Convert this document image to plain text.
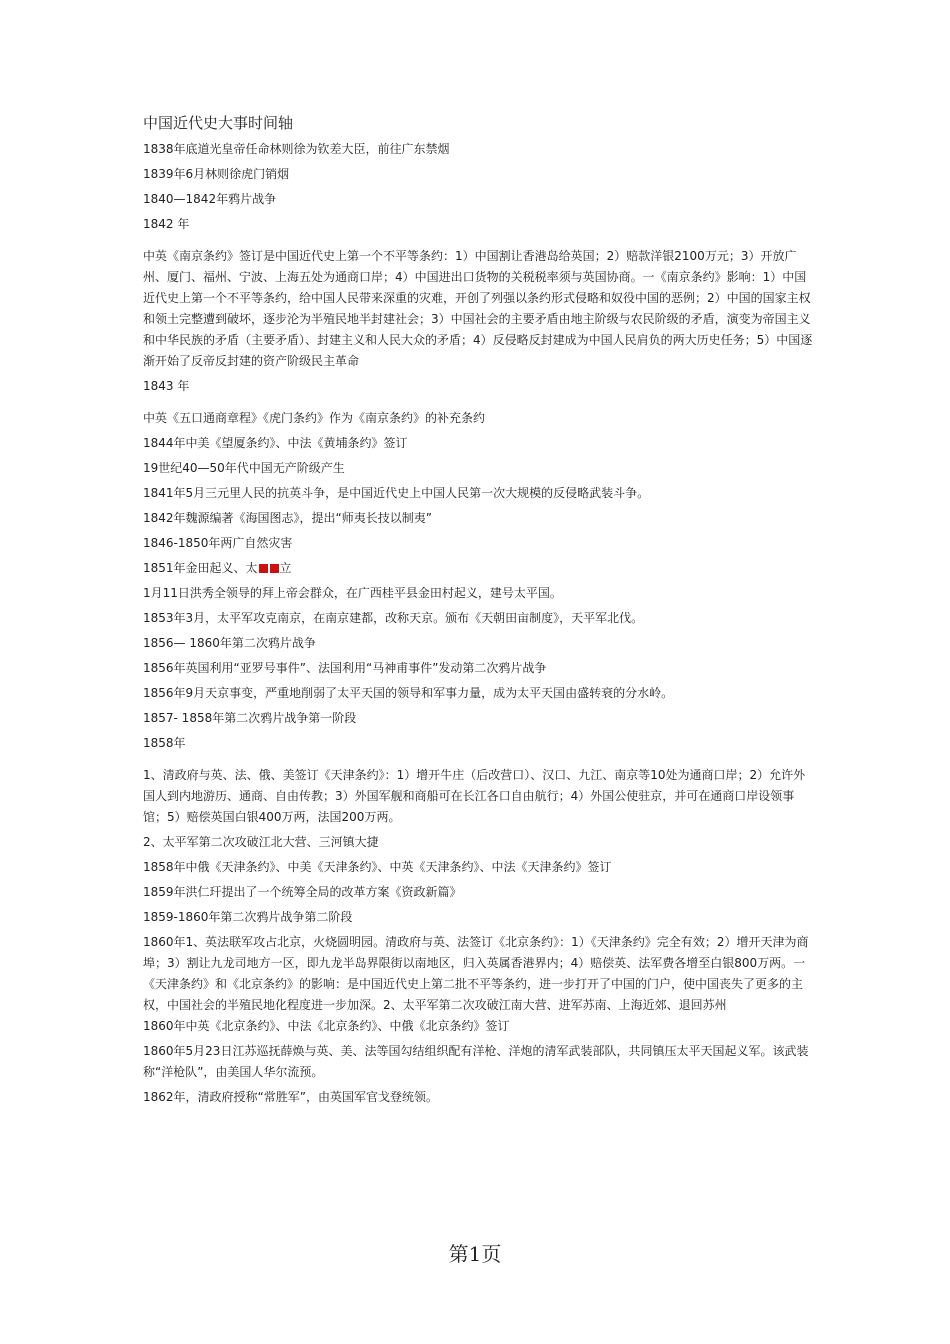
中国近代史大事时间轴
1838年底道光皇帝任命林则徐为钦差大臣，前往广东禁烟
1839年6月林则徐虎门销烟
1840—1842年鸦片战争
1842 年
中英《南京条约》签订是中国近代史上第一个不平等条约：1）中国割让香港岛给英国；2）赔款洋银2100万元；3）开放广州、厦门、福州、宁波、上海五处为通商口岸；4）中国进出口货物的关税税率须与英国协商。一《南京条约》影响：1）中国近代史上第一个不平等条约，给中国人民带来深重的灾难，开创了列强以条约形式侵略和奴役中国的恶例；2）中国的国家主权和领土完整遭到破坏，逐步沦为半殖民地半封建社会；3）中国社会的主要矛盾由地主阶级与农民阶级的矛盾，演变为帝国主义和中华民族的矛盾（主要矛盾）、封建主义和人民大众的矛盾；4）反侵略反封建成为中国人民肩负的两大历史任务；5）中国逐渐开始了反帝反封建的资产阶级民主革命
1843 年
中英《五口通商章程》《虎门条约》作为《南京条约》的补充条约
1844年中美《望厦条约》、中法《黄埔条约》签订
19世纪40—50年代中国无产阶级产生
1841年5月三元里人民的抗英斗争，是中国近代史上中国人民第一次大规模的反侵略武装斗争。
1842年魏源编著《海国图志》，提出“师夷长技以制夷”
1846-1850年两广自然灾害
1851年金田起义、太 立
1月11日洪秀全领导的拜上帝会群众，在广西桂平县金田村起义，建号太平国。
1853年3月，太平军攻克南京，在南京建都，改称天京。颁布《天朝田亩制度》，天平军北伐。
1856— 1860年第二次鸦片战争
1856年英国利用“亚罗号事件”、法国利用“马神甫事件”发动第二次鸦片战争
1856年9月天京事变，严重地削弱了太平天国的领导和军事力量，成为太平天国由盛转衰的分水岭。
1857- 1858年第二次鸦片战争第一阶段
1858年
1、清政府与英、法、俄、美签订《天津条约》：1）增开牛庄（后改营口）、汉口、九江、南京等10处为通商口岸；2）允许外国人到内地游历、通商、自由传教；3）外国军舰和商船可在长江各口自由航行；4）外国公使驻京，并可在通商口岸设领事馆；5）赔偿英国白银400万两，法国200万两。
2、太平军第二次攻破江北大营、三河镇大捷
1858年中俄《天津条约》、中美《天津条约》、中英《天津条约》、中法《天津条约》签订
1859年洪仁玕提出了一个统筹全局的改革方案《资政新篇》
1859-1860年第二次鸦片战争第二阶段
1860年1、英法联军攻占北京，火烧圆明园。清政府与英、法签订《北京条约》：1）《天津条约》完全有效；2）增开天津为商埠；3）割让九龙司地方一区，即九龙半岛界限街以南地区，归入英属香港界内；4）赔偿英、法军费各增至白银800万两。一《天津条约》和《北京条约》的影响：是中国近代史上第二批不平等条约，进一步打开了中国的门户，使中国丧失了更多的主权，中国社会的半殖民地化程度进一步加深。2、太平军第二次攻破江南大营、进军苏南、上海近郊、退回苏州
1860年中英《北京条约》、中法《北京条约》、中俄《北京条约》签订
1860年5月23日江苏巡抚薛焕与英、美、法等国勾结组织配有洋枪、洋炮的清军武装部队，共同镇压太平天国起义军。该武装称“洋枪队”，由美国人华尔流预。
1862年，清政府授称“常胜军”，由英国军官戈登统领。
第1页
